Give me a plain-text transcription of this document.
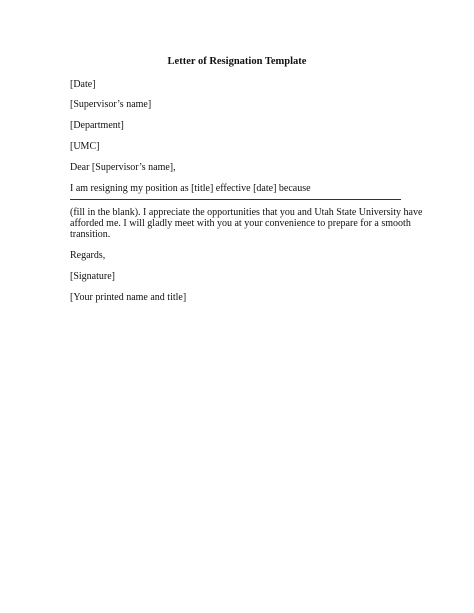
Letter of Resignation Template
[Date]
[Supervisor’s name]
[Department]
[UMC]
Dear [Supervisor’s name],
I am resigning my position as [title] effective [date] because
(fill in the blank). I appreciate the opportunities that you and Utah State University have
afforded me. I will gladly meet with you at your convenience to prepare for a smooth
transition.
Regards,
[Signature]
[Your printed name and title]
